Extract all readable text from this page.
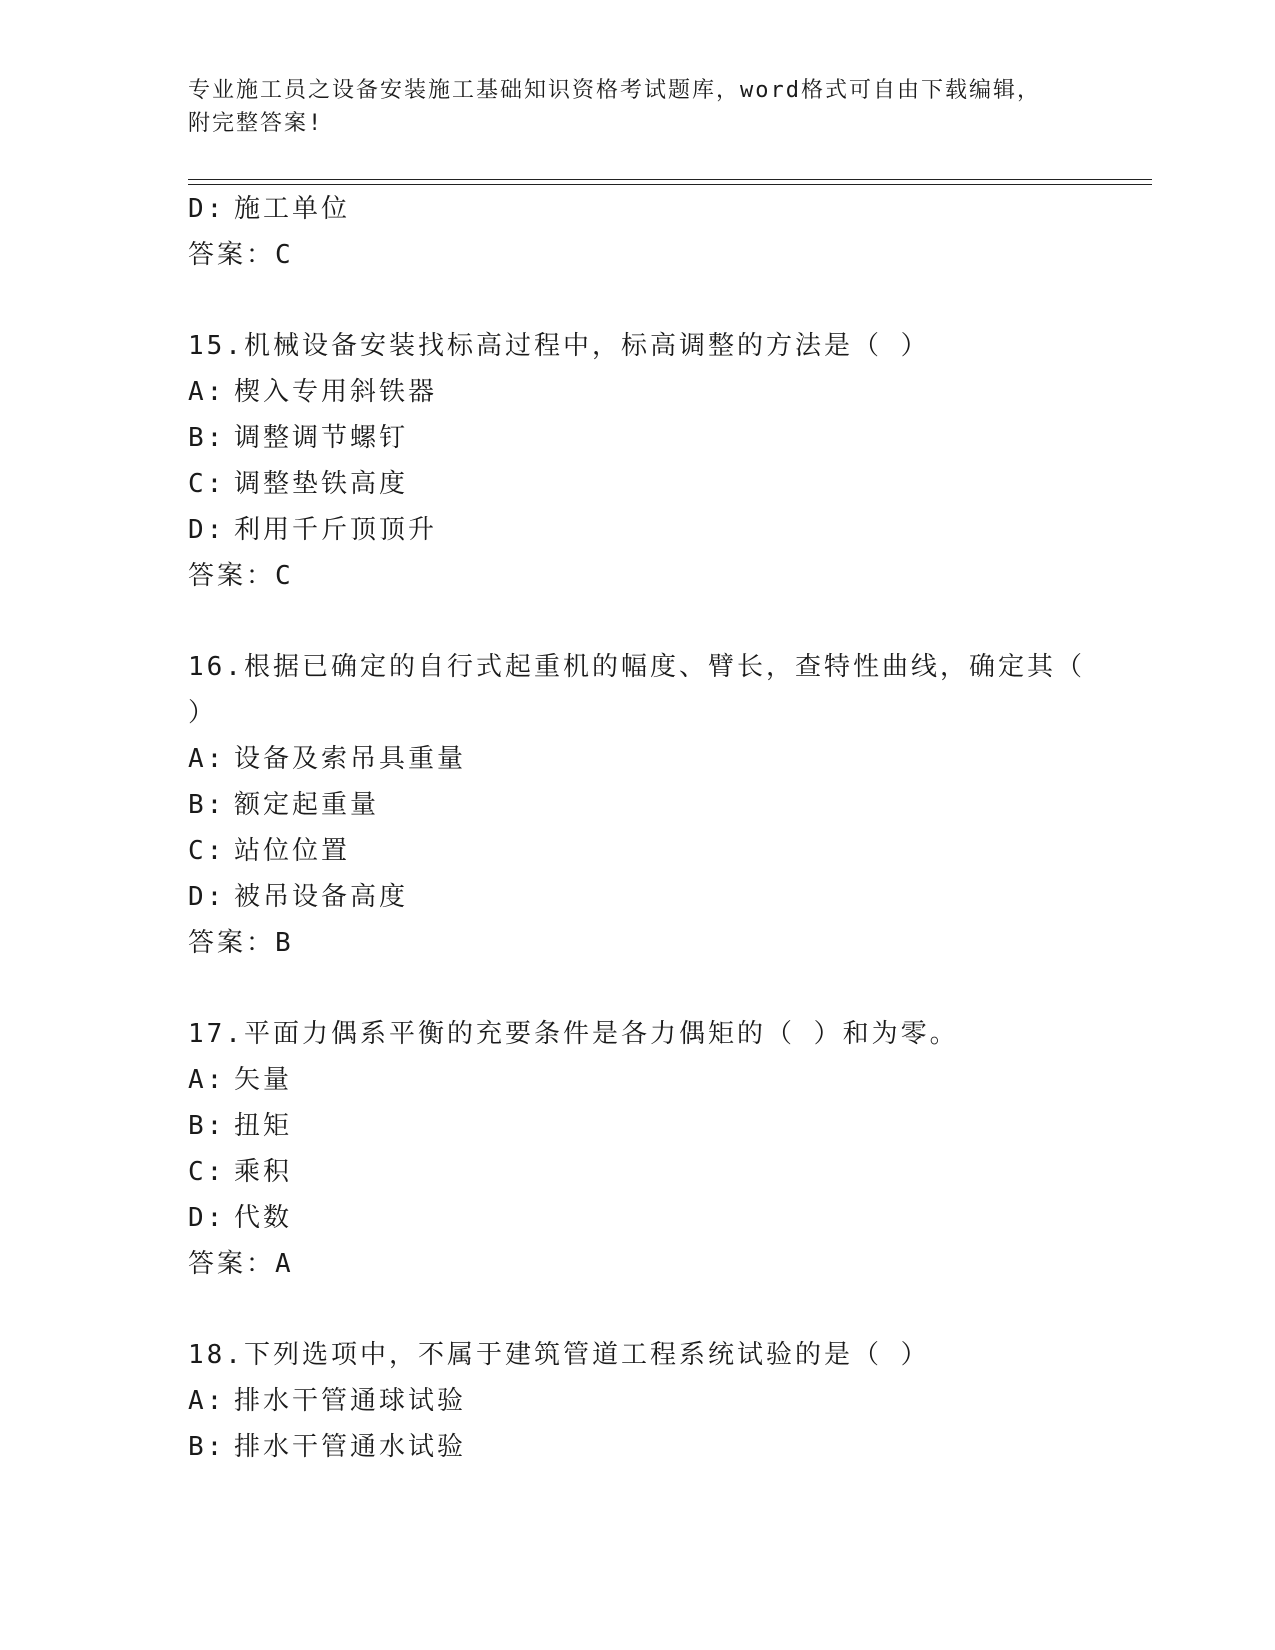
专业施工员之设备安装施工基础知识资格考试题库，word格式可自由下载编辑，

附完整答案!

D: 施工单位
答案：C
15.机械设备安装找标高过程中，标高调整的方法是（ ）
A: 楔入专用斜铁器
B: 调整调节螺钉
C: 调整垫铁高度
D: 利用千斤顶顶升
答案：C
16.根据已确定的自行式起重机的幅度、臂长，查特性曲线，确定其（
）
A: 设备及索吊具重量
B: 额定起重量
C: 站位位置
D: 被吊设备高度
答案：B
17.平面力偶系平衡的充要条件是各力偶矩的（ ）和为零。
A: 矢量
B: 扭矩
C: 乘积
D: 代数
答案：A
18.下列选项中，不属于建筑管道工程系统试验的是（ ）
A: 排水干管通球试验
B: 排水干管通水试验
